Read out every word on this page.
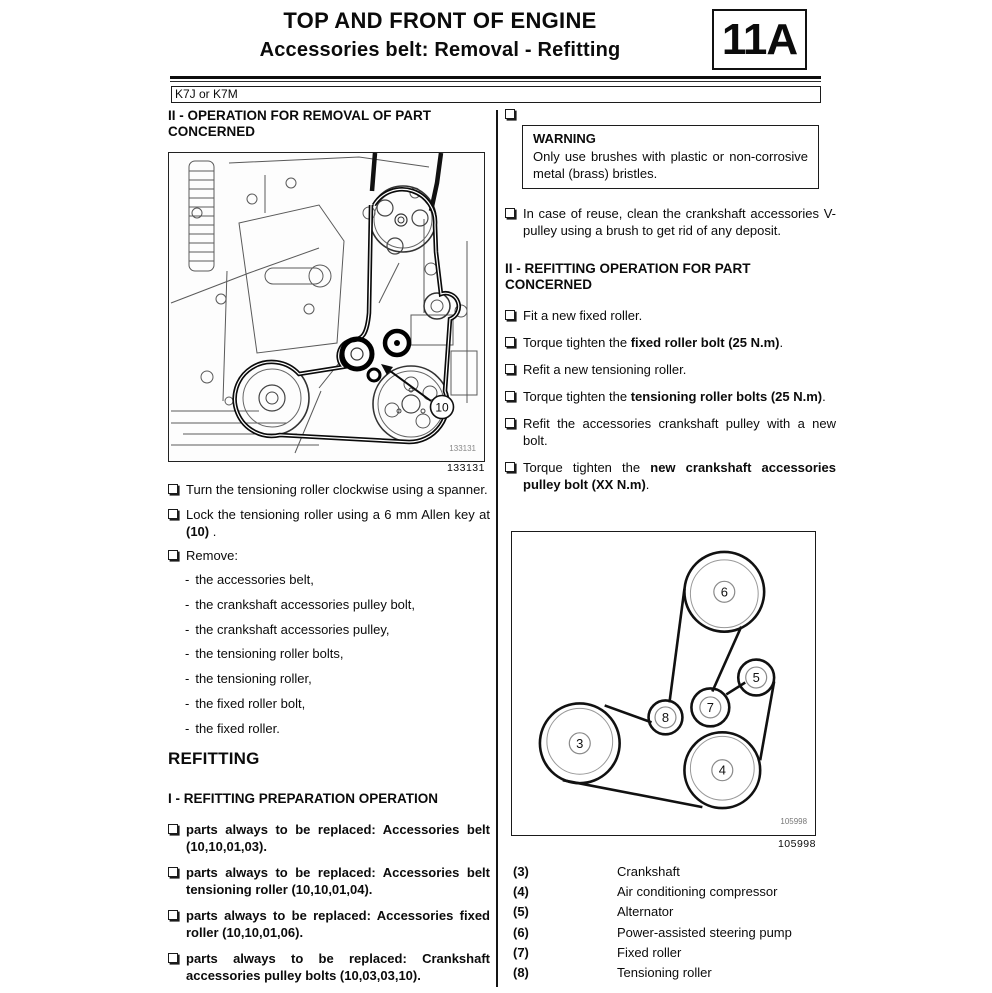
TOP AND FRONT OF ENGINE
Accessories belt: Removal - Refitting	11A
K7J or K7M
II - OPERATION FOR REMOVAL OF PART CONCERNED
10
133131
133131

Turn the tensioning roller clockwise using a spanner.

Lock the tensioning roller using a 6 mm Allen key at (10) .

Remove:

- the accessories belt,
- the crankshaft accessories pulley bolt,
- the crankshaft accessories pulley,
- the tensioning roller bolts,
- the tensioning roller,
- the fixed roller bolt,
- the fixed roller.
REFITTING
I - REFITTING PREPARATION OPERATION

parts always to be replaced: Accessories belt (10,10,01,03).

parts always to be replaced: Accessories belt tensioning roller (10,10,01,04).

parts always to be replaced: Accessories fixed roller (10,10,01,06).

parts always to be replaced: Crankshaft accessories pulley bolts (10,03,03,10).

WARNING

Only use brushes with plastic or non-corrosive metal (brass) bristles.

In case of reuse, clean the crankshaft accessories V-pulley using a brush to get rid of any deposit.

II - REFITTING OPERATION FOR PART CONCERNED

Fit a new fixed roller.

Torque tighten the fixed roller bolt (25 N.m).

Refit a new tensioning roller.

Torque tighten the tensioning roller bolts (25 N.m).

Refit the accessories crankshaft pulley with a new bolt.

Torque tighten the new crankshaft accessories pulley bolt (XX N.m).

6
5
7
8
3
4
105998
105998
(3)	Crankshaft
(4)	Air conditioning compressor
(5)	Alternator
(6)	Power-assisted steering pump
(7)	Fixed roller
(8)	Tensioning roller
